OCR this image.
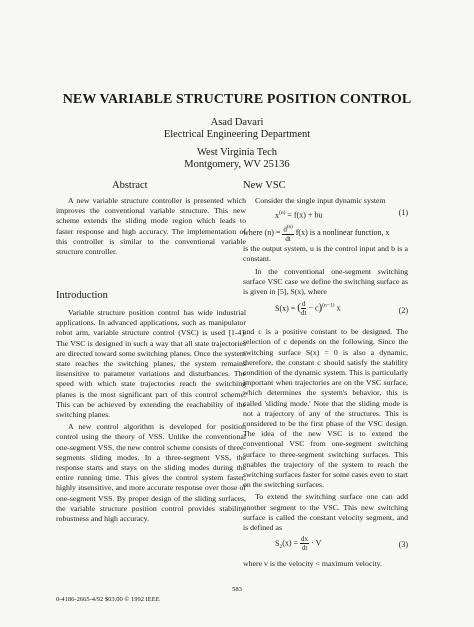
NEW VARIABLE STRUCTURE POSITION CONTROL
Asad Davari
Electrical Engineering Department
West Virginia Tech
Montgomery, WV 25136
Abstract

A new variable structure controller is presented which improves the conventional variable structure. This new scheme extends the sliding mode region which leads to faster response and high accuracy. The implementation of this controller is similar to the conventional variable structure controller.

Introduction

Variable structure position control has wide industrial applications. In advanced applications, such as manipulator robot arm, variable structure control (VSC) is used [1-4]. The VSC is designed in such a way that all state trajectories are directed toward some switching planes. Once the system state reaches the switching planes, the system remains insensitive to parameter variations and disturbances. The speed with which state trajectories reach the switching planes is the most significant part of this control scheme. This can be achieved by extending the reachability of the switching planes.

A new control algorithm is developed for position control using the theory of VSS. Unlike the conventional one-segment VSS, the new control scheme consists of three-segments sliding modes. In a three-segment VSS, the response starts and stays on the sliding modes during the entire running time. This gives the control system faster, highly insensitive, and more accurate response over those of one-segment VSS. By proper design of the sliding surfaces, the variable structure position control provides stability, robustness and high accuracy.

New VSC

Consider the single input dynamic system

$x^{(n)} = f(x)$ + bu	(1)
where $(n) = \frac{d^{(n)}}{dt} f(x)$ is a nonlinear function, x

is the output system, u is the control input and b is a constant.

In the conventional one-segment switching surface VSC case we define the switching surface as is given in [5], S(x), where

S(x) = ( $\frac{d}{dt} - c)^{(n-1)}$ x	(2)

and c is a positive constant to be designed. The selection of c depends on the following. Since the switching surface S(x) = 0 is also a dynamic, therefore, the constant c should satisfy the stability condition of the dynamic system. This is particularly important when trajectories are on the VSC surface, which determines the system's behavior, this is called 'sliding mode.' Note that the sliding mode is not a trajectory of any of the structures. This is considered to be the first phase of the VSC design. The idea of the new VSC is to extend the conventional VSC from one-segment switching surface to three-segment switching surfaces. This enables the trajectory of the system to reach the switching surfaces faster for some cases even to start on the switching surfaces.

To extend the switching surface one can add another segment to the VSC. This new switching surface is called the constant velocity segment, and is defined as

$S_2(x) = \frac{dx}{dt} \cdot V$	(3)

where v is the velocity < maximum velocity.

583
0-4186-2665-4/92 $03.00 © 1992 IEEE
